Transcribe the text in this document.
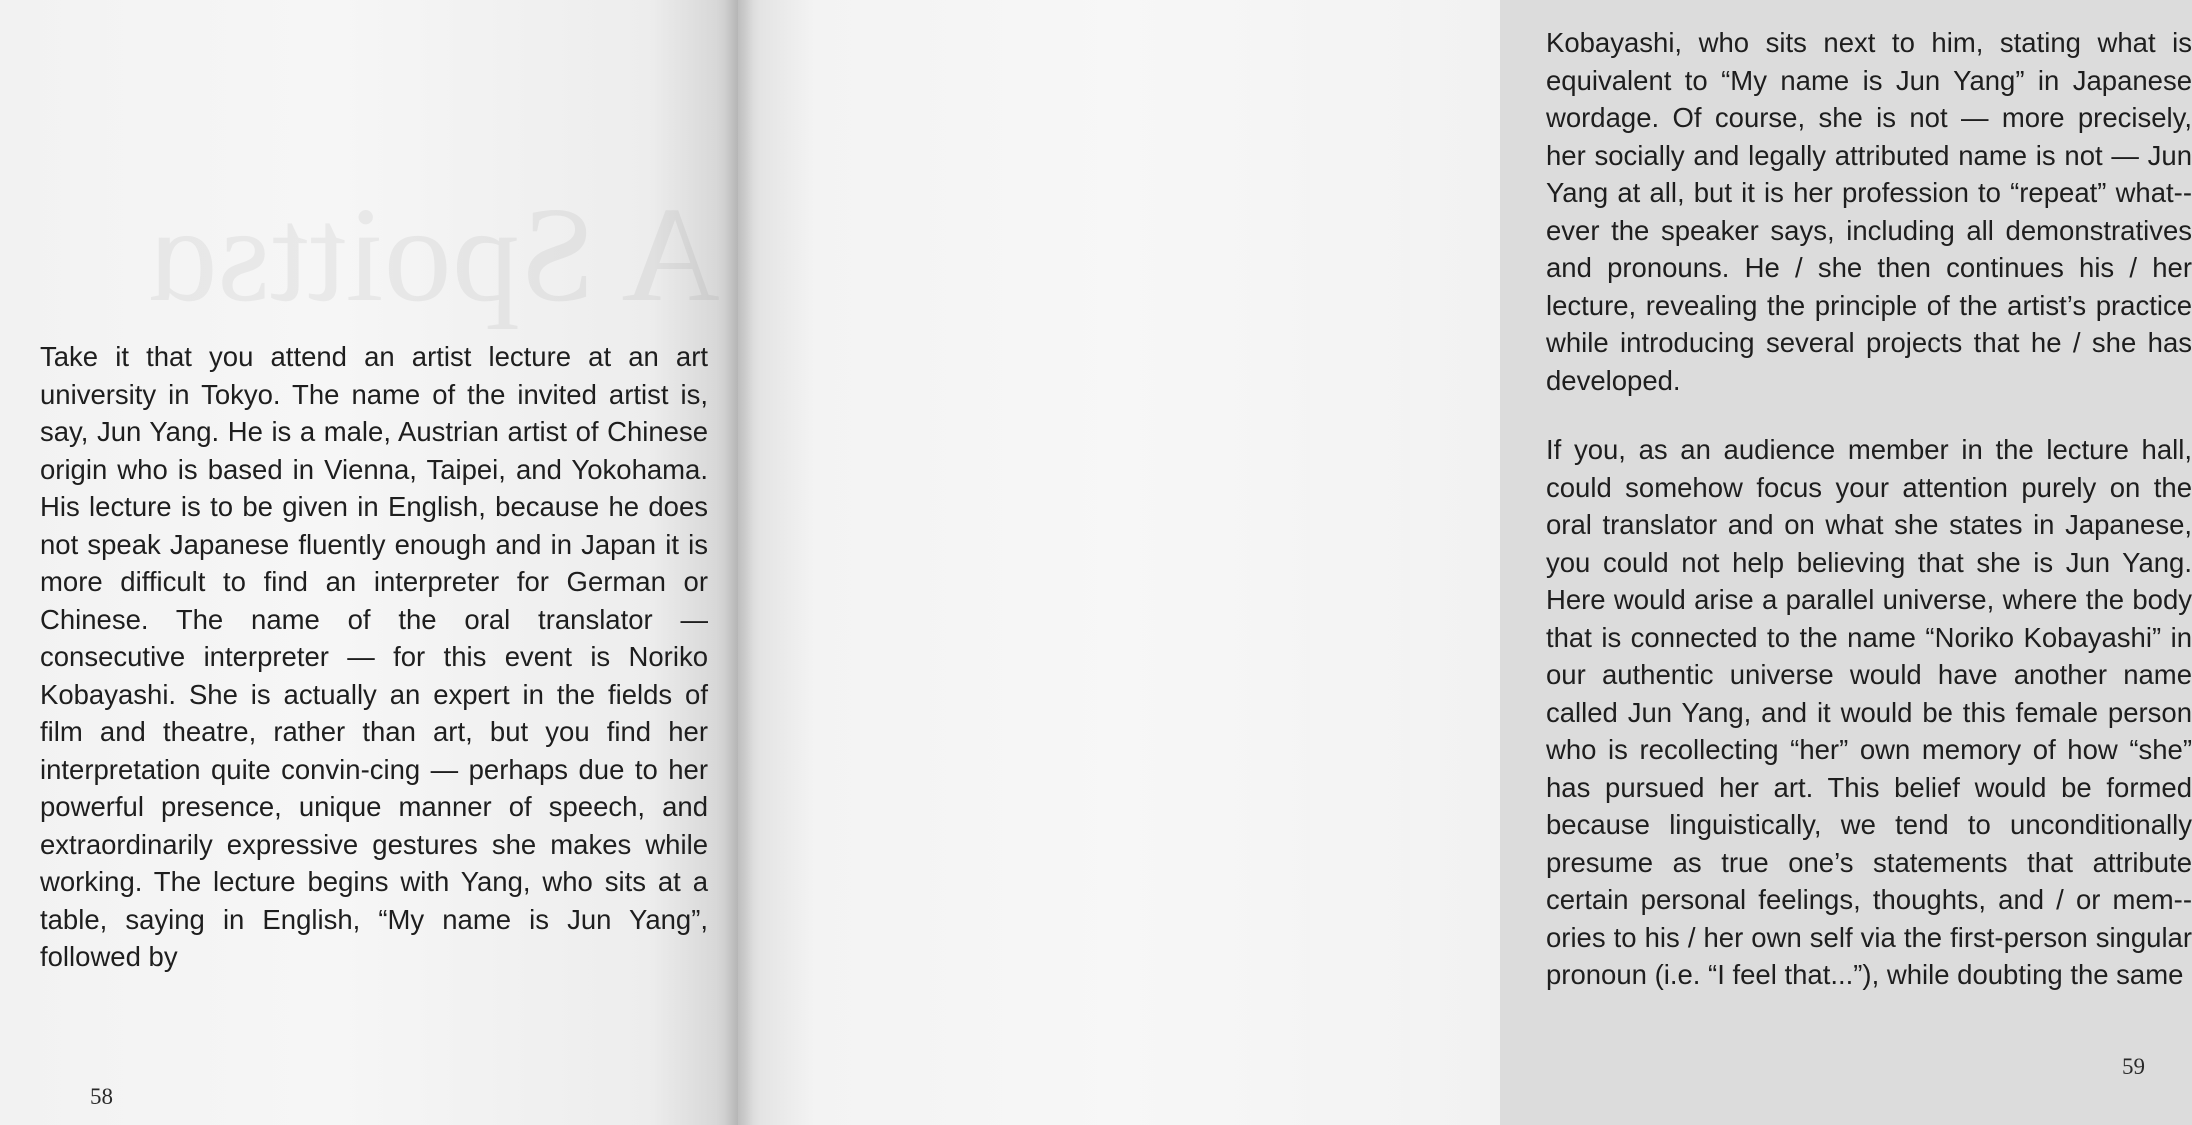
A Spoittsɑ

Take it that you attend an artist lecture at an art university in Tokyo. The name of the invited artist is, say, Jun Yang. He is a male, Austrian artist of Chinese origin who is based in Vienna, Taipei, and Yokohama. His lecture is to be given in English, because he does not speak Japanese fluently enough and in Japan it is more difficult to find an interpreter for German or Chinese. The name of the oral translator — consecutive interpreter — for this event is Noriko Kobayashi. She is actually an expert in the fields of film and theatre, rather than art, but you find her interpretation quite convin-cing — perhaps due to her powerful presence, unique manner of speech, and extraordinarily expressive gestures she makes while working. The lecture begins with Yang, who sits at a table, saying in English, “My name is Jun Yang”, followed by

58

Kobayashi, who sits next to him, stating what is equivalent to “My name is Jun Yang” in Japanese wordage. Of course, she is not — more precisely, her socially and legally attributed name is not — Jun Yang at all, but it is her profession to “repeat” what-ever the speaker says, including all demonstratives and pronouns. He / she then continues his / her lecture, revealing the principle of the artist’s practice while introducing several projects that he / she has developed.

If you, as an audience member in the lecture hall, could somehow focus your attention purely on the oral translator and on what she states in Japanese, you could not help believing that she is Jun Yang. Here would arise a parallel universe, where the body that is connected to the name “Noriko Kobayashi” in our authentic universe would have another name called Jun Yang, and it would be this female person who is recollecting “her” own memory of how “she” has pursued her art. This belief would be formed because linguistically, we tend to unconditionally presume as true one’s statements that attribute certain personal feelings, thoughts, and / or mem-ories to his / her own self via the first-person singular pronoun (i.e. “I feel that...”), while doubting the same

59
